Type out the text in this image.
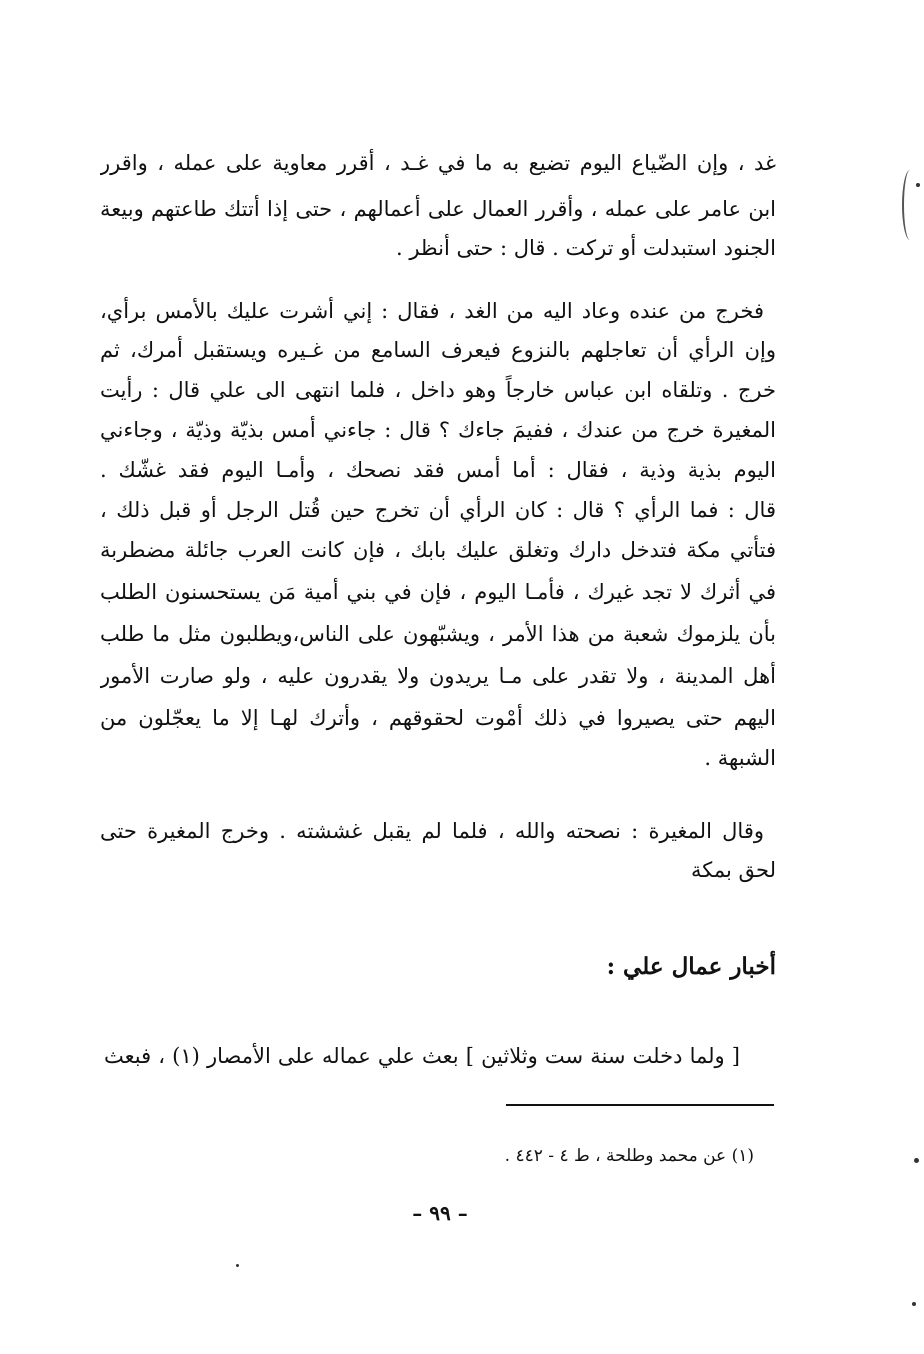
غد ، وإن الضّياع اليوم تضيع به ما في غـد ، أقرر معاوية على عمله ، واقرر
ابن عامر على عمله ، وأقرر العمال على أعمالهم ، حتى إذا أتتك طاعتهم وبيعة
الجنود استبدلت أو تركت . قال : حتى أنظر .
فخرج من عنده وعاد اليه من الغد ، فقال : إني أشرت عليك بالأمس برأي،
وإن الرأي أن تعاجلهم بالنزوع فيعرف السامع من غـيره ويستقبل أمرك، ثم
خرج . وتلقاه ابن عباس خارجاً وهو داخل ، فلما انتهى الى علي قال : رأيت
المغيرة خرج من عندك ، ففيمَ جاءك ؟ قال : جاءني أمس بذيّة وذيّة ، وجاءني
اليوم بذية وذية ، فقال : أما أمس فقد نصحك ، وأمـا اليوم فقد غشّك .
قال : فما الرأي ؟ قال : كان الرأي أن تخرج حين قُتل الرجل أو قبل ذلك ،
فتأتي مكة فتدخل دارك وتغلق عليك بابك ، فإن كانت العرب جائلة مضطربة
في أثرك لا تجد غيرك ، فأمـا اليوم ، فإن في بني أمية مَن يستحسنون الطلب
بأن يلزموك شعبة من هذا الأمر ، ويشبّهون على الناس،ويطلبون مثل ما طلب
أهل المدينة ، ولا تقدر على مـا يريدون ولا يقدرون عليه ، ولو صارت الأمور
اليهم حتى يصيروا في ذلك أمْوت لحقوقهم ، وأترك لهـا إلا ما يعجّلون من
الشبهة .
وقال المغيرة : نصحته والله ، فلما لم يقبل غششته . وخرج المغيرة حتى
لحق بمكة
أخبار عمال علي :
[ ولما دخلت سنة ست وثلاثين ] بعث علي عماله على الأمصار (١) ، فبعث
(١) عن محمد وطلحة ، ط ٤ - ٤٤٢ .
– ٩٩ –
